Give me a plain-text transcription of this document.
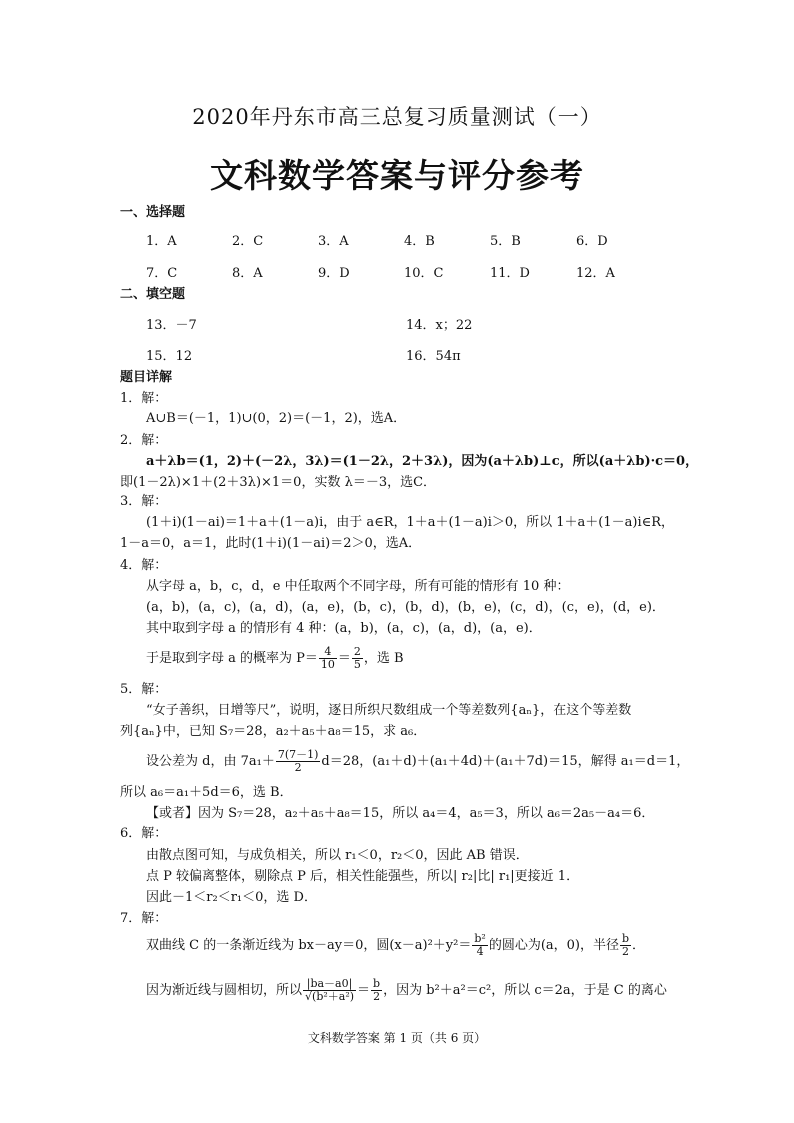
2020年丹东市高三总复习质量测试（一）
文科数学答案与评分参考
一、选择题
1．A	2．C	3．A	4．B	5．B	6．D
7．C	8．A	9．D	10．C	11．D	12．A
二、填空题
13．－7	14．x；22
15．12	16．54π
题目详解
1．解：
A∪B＝(－1，1)∪(0，2)＝(－1，2)，选A．
2．解：
a＋λb＝(1，2)＋(－2λ，3λ)＝(1－2λ，2＋3λ)，因为(a＋λb)⊥c，所以(a＋λb)·c＝0，
即(1－2λ)×1＋(2＋3λ)×1＝0，实数 λ＝－3，选C．
3．解：
(1＋i)(1－ai)＝1＋a＋(1－a)i，由于 a∈R，1＋a＋(1－a)i＞0，所以 1＋a＋(1－a)i∈R，
1－a＝0，a＝1，此时(1＋i)(1－ai)＝2＞0，选A．
4．解：
从字母 a，b，c，d，e 中任取两个不同字母，所有可能的情形有 10 种：
(a，b)，(a，c)，(a，d)，(a，e)，(b，c)，(b，d)，(b，e)，(c，d)，(c，e)，(d，e)．
其中取到字母 a 的情形有 4 种：(a，b)，(a，c)，(a，d)，(a，e)．
于是取到字母 a 的概率为 $P= \frac{4}{10} = \frac{2}{5}$ ，选 B
5．解：
“女子善织，日增等尺”，说明，逐日所织尺数组成一个等差数列{aₙ}，在这个等差数
列{aₙ}中，已知 S₇＝28，a₂＋a₅＋a₈＝15，求 a₆．
设公差为 d，由 $7a_1+ \frac{7(7-1)}{2} d=28$，(a₁＋d)＋(a₁＋4d)＋(a₁＋7d)＝15，解得 a₁＝d＝1，
所以 a₆＝a₁＋5d＝6，选 B．
【或者】因为 S₇＝28，a₂＋a₅＋a₈＝15，所以 a₄＝4，a₅＝3，所以 a₆＝2a₅－a₄＝6．
6．解：
由散点图可知，与成负相关，所以 r₁＜0，r₂＜0，因此 AB 错误．
点 P 较偏离整体，剔除点 P 后，相关性能强些，所以| r₂|比| r₁|更接近 1．
因此－1＜r₂＜r₁＜0，选 D．
7．解：
双曲线 C 的一条渐近线为 bx－ay＝0，圆$(x-a)^2+y^2= \frac{\text{b²}}{4}$ 的圆心为(a，0)，半径 $\frac{b}{2}$ ．
因为渐近线与圆相切，所以 $\frac{|ba-a0|}{\text{√(b²＋a²)}} = \frac{b}{2}$ ，因为 b²＋a²＝c²，所以 c＝2a，于是 C 的离心
文科数学答案 第 1 页（共 6 页）
